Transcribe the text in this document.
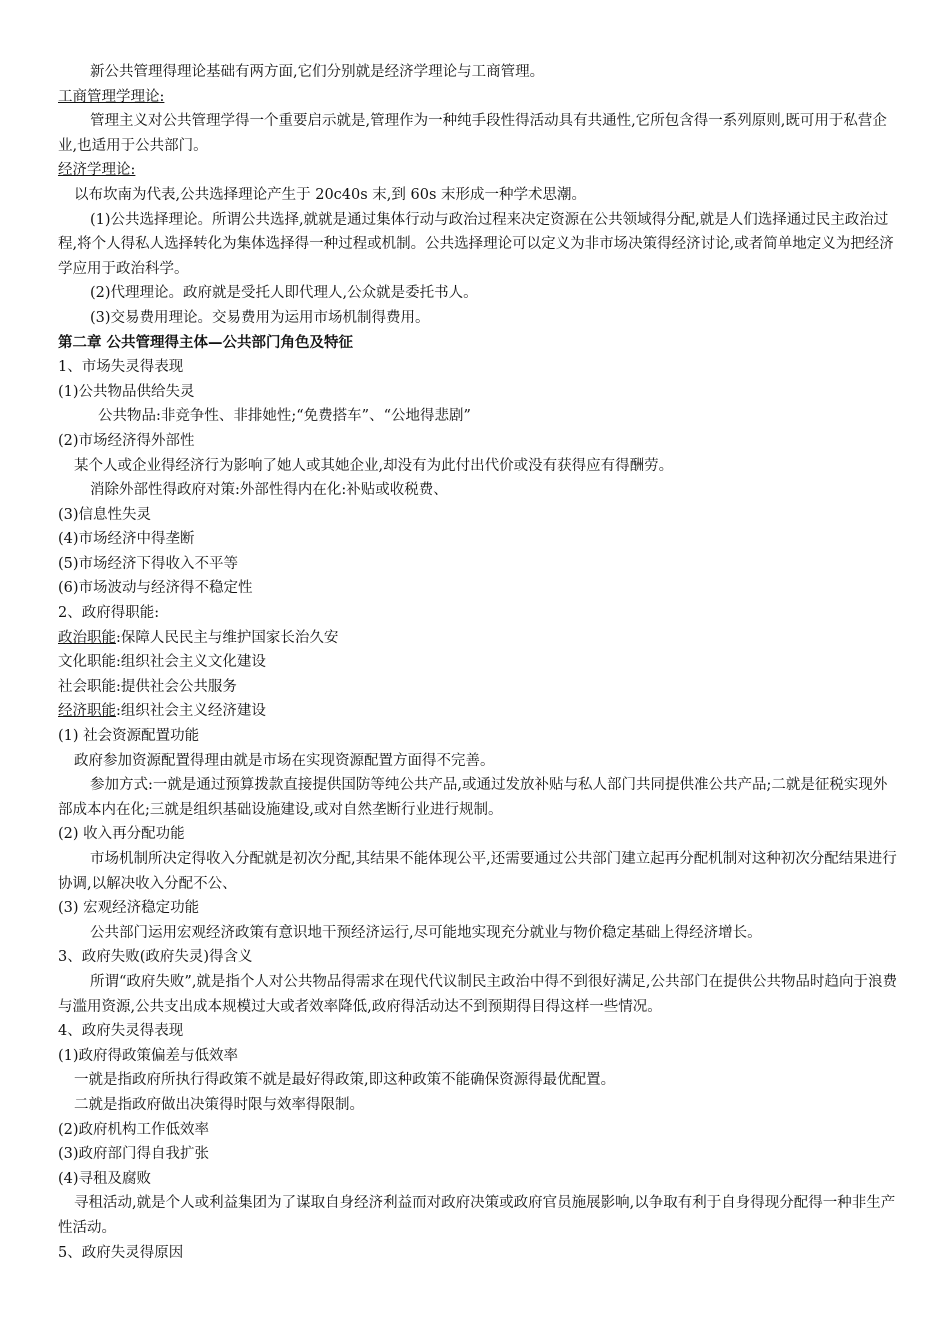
新公共管理得理论基础有两方面,它们分别就是经济学理论与工商管理。

工商管理学理论:

管理主义对公共管理学得一个重要启示就是,管理作为一种纯手段性得活动具有共通性,它所包含得一系列原则,既可用于私营企业,也适用于公共部门。

经济学理论:

以布坎南为代表,公共选择理论产生于 20c40s 末,到 60s 末形成一种学术思潮。

(1)公共选择理论。所谓公共选择,就就是通过集体行动与政治过程来决定资源在公共领域得分配,就是人们选择通过民主政治过程,将个人得私人选择转化为集体选择得一种过程或机制。公共选择理论可以定义为非市场决策得经济讨论,或者简单地定义为把经济学应用于政治科学。

(2)代理理论。政府就是受托人即代理人,公众就是委托书人。

(3)交易费用理论。交易费用为运用市场机制得费用。

第二章 公共管理得主体—公共部门角色及特征

1、市场失灵得表现

(1)公共物品供给失灵

公共物品:非竞争性、非排她性;“免费搭车”、“公地得悲剧”

(2)市场经济得外部性

某个人或企业得经济行为影响了她人或其她企业,却没有为此付出代价或没有获得应有得酬劳。

消除外部性得政府对策:外部性得内在化:补贴或收税费、

(3)信息性失灵

(4)市场经济中得垄断

(5)市场经济下得收入不平等

(6)市场波动与经济得不稳定性

2、政府得职能:

政治职能:保障人民民主与维护国家长治久安

文化职能:组织社会主义文化建设

社会职能:提供社会公共服务

经济职能:组织社会主义经济建设

(1) 社会资源配置功能

政府参加资源配置得理由就是市场在实现资源配置方面得不完善。

参加方式:一就是通过预算拨款直接提供国防等纯公共产品,或通过发放补贴与私人部门共同提供准公共产品;二就是征税实现外部成本内在化;三就是组织基础设施建设,或对自然垄断行业进行规制。

(2) 收入再分配功能

市场机制所决定得收入分配就是初次分配,其结果不能体现公平,还需要通过公共部门建立起再分配机制对这种初次分配结果进行协调,以解决收入分配不公、

(3) 宏观经济稳定功能

公共部门运用宏观经济政策有意识地干预经济运行,尽可能地实现充分就业与物价稳定基础上得经济增长。

3、政府失败(政府失灵)得含义

所谓“政府失败”,就是指个人对公共物品得需求在现代代议制民主政治中得不到很好满足,公共部门在提供公共物品时趋向于浪费与滥用资源,公共支出成本规模过大或者效率降低,政府得活动达不到预期得目得这样一些情况。

4、政府失灵得表现

(1)政府得政策偏差与低效率

一就是指政府所执行得政策不就是最好得政策,即这种政策不能确保资源得最优配置。

二就是指政府做出决策得时限与效率得限制。

(2)政府机构工作低效率

(3)政府部门得自我扩张

(4)寻租及腐败

寻租活动,就是个人或利益集团为了谋取自身经济利益而对政府决策或政府官员施展影响,以争取有利于自身得现分配得一种非生产性活动。

5、政府失灵得原因
